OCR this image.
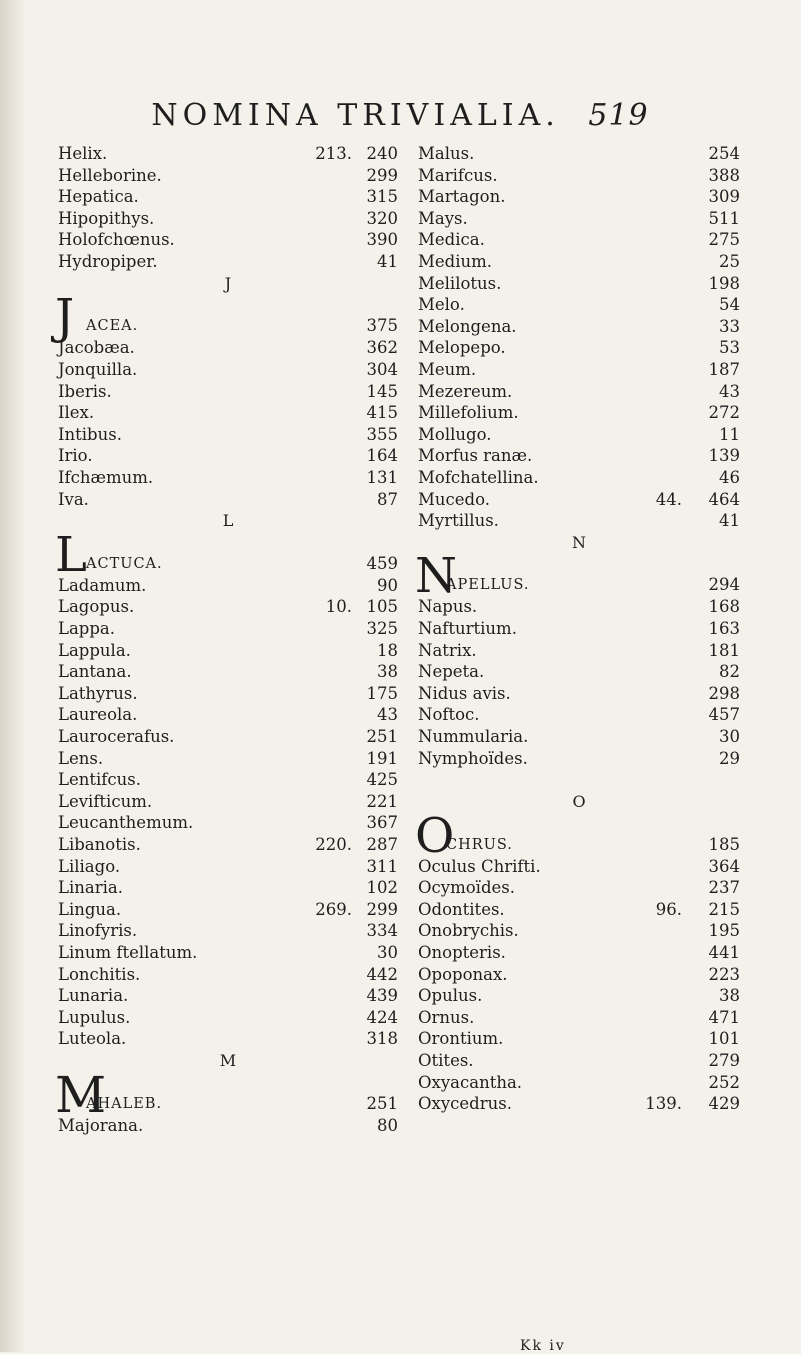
NOMINA TRIVIALIA. 519
Helix.	213. 240
Helleborine.	299
Hepatica.	315
Hipopithys.	320
Holofchœnus.	390
Hydropiper.	41
J
J ACEA.	375
Jacobæa.	362
Jonquilla.	304
Iberis.	145
Ilex.	415
Intibus.	355
Irio.	164
Ifchæmum.	131
Iva.	87
L
L ACTUCA.	459
Ladamum.	90
Lagopus.	10. 105
Lappa.	325
Lappula.	18
Lantana.	38
Lathyrus.	175
Laureola.	43
Laurocerafus.	251
Lens.	191
Lentifcus.	425
Levifticum.	221
Leucanthemum.	367
Libanotis.	220. 287
Liliago.	311
Linaria.	102
Lingua.	269. 299
Linofyris.	334
Linum ftellatum.	30
Lonchitis.	442
Lunaria.	439
Lupulus.	424
Luteola.	318
M
M
AHALEB.	251
Majorana.	80
Malus.	254
Marifcus.	388
Martagon.	309
Mays.	511
Medica.	275
Medium.	25
Melilotus.	198
Melo.	54
Melongena.	33
Melopepo.	53
Meum.	187
Mezereum.	43
Millefolium.	272
Mollugo.	11
Morfus ranæ.	139
Mofchatellina.	46
Mucedo.	44. 464
Myrtillus.	41
N
N
APELLUS.	294
Napus.	168
Nafturtium.	163
Natrix.	181
Nepeta.	82
Nidus avis.	298
Noftoc.	457
Nummularia.	30
Nymphoïdes.	29
O
O
CHRUS.	185
Oculus Chrifti.	364
Ocymoïdes.	237
Odontites.	96. 215
Onobrychis.	195
Onopteris.	441
Opoponax.	223
Opulus.	38
Ornus.	471
Orontium.	101
Otites.	279
Oxyacantha.	252
Oxycedrus.	139. 429
Kk iv
